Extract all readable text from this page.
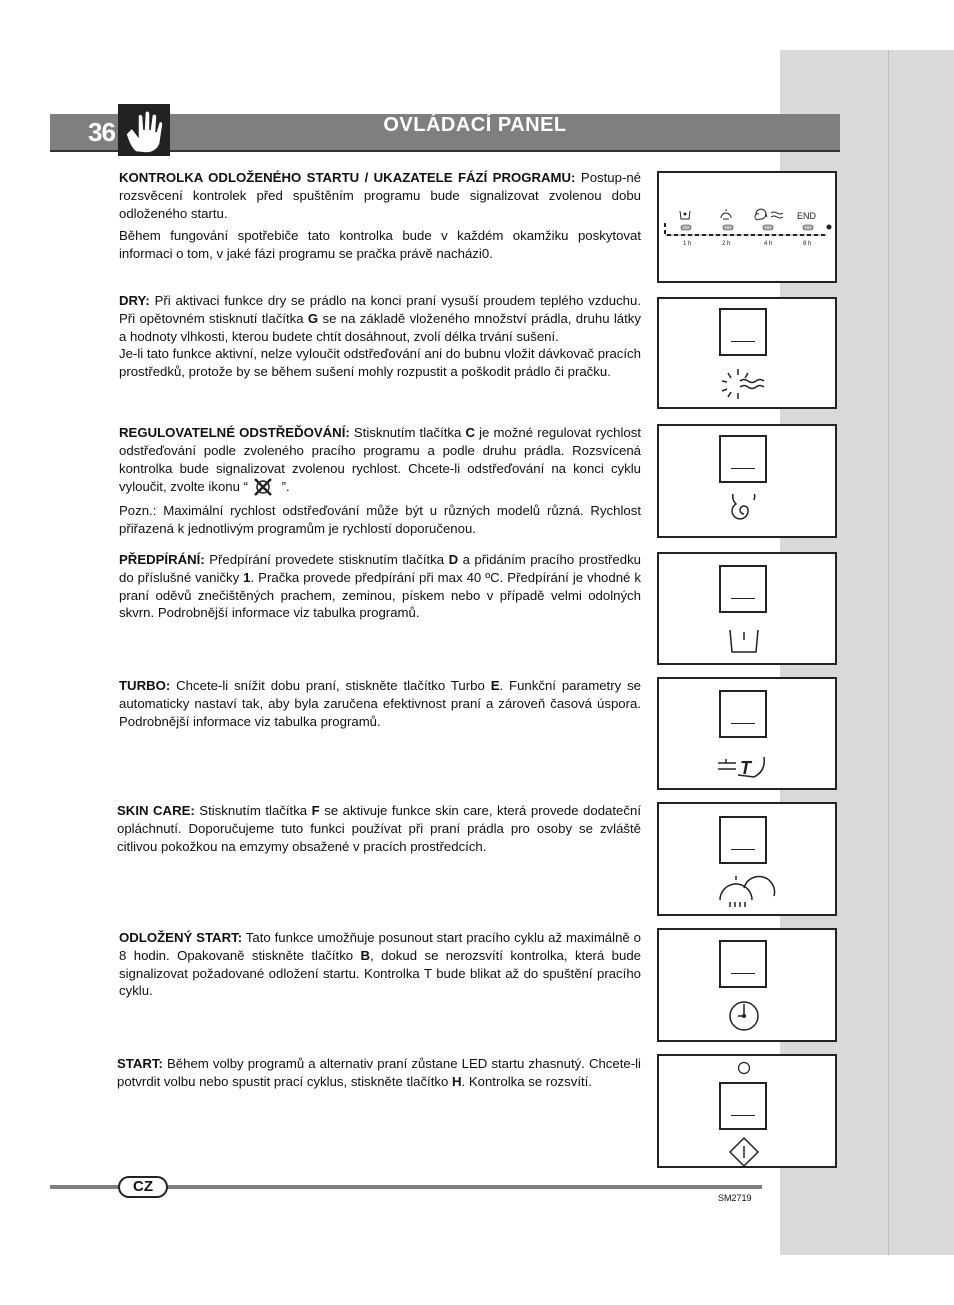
36	OVLÁDACÍ PANEL

KONTROLKA ODLOŽENÉHO STARTU / UKAZATELE FÁZÍ PROGRAMU: Postup-né rozsvěcení kontrolek před spuštěním programu bude signalizovat zvolenou dobu odloženého startu.

Během fungování spotřebiče tato kontrolka bude v každém okamžiku poskytovat informaci o tom, v jaké fázi programu se pračka právě nacházi0.

END
1 h	2 h	4 h	8 h

DRY: Při aktivaci funkce dry se prádlo na konci praní vysuší proudem teplého vzduchu. Při opětovném stisknutí tlačítka G se na základě vloženého množství prádla, druhu látky a hodnoty vlhkosti, kterou budete chtít dosáhnout, zvolí délka trvání sušení.

Je-li tato funkce aktivní, nelze vyloučit odstřeďování ani do bubnu vložit dávkovač pracích prostředků, protože by se během sušení mohly rozpustit a poškodit prádlo či pračku.

REGULOVATELNÉ ODSTŘEĎOVÁNÍ: Stisknutím tlačítka C je možné regulovat rychlost odstřeďování podle zvoleného pracího programu a podle druhu prádla. Rozsvícená kontrolka bude signalizovat zvolenou rychlost. Chcete-li odstřeďování na konci cyklu vyloučit, zvolte ikonu “ ”.

Pozn.: Maximální rychlost odstřeďování může být u různých modelů různá. Rychlost přiřazená k jednotlivým programům je rychlostí doporučenou.

PŘEDPÍRÁNÍ: Předpírání provedete stisknutím tlačítka D a přidáním pracího prostředku do příslušné vaničky 1. Pračka provede předpírání při max 40 ºC. Předpírání je vhodné k praní oděvů znečištěných prachem, zeminou, pískem nebo v případě velmi odolných skvrn. Podrobnější informace viz tabulka programů.

TURBO: Chcete-li snížit dobu praní, stiskněte tlačítko Turbo E. Funkční parametry se automaticky nastaví tak, aby byla zaručena efektivnost praní a zároveň časová úspora. Podrobnější informace viz tabulka programů.

T

SKIN CARE: Stisknutím tlačítka F se aktivuje funkce skin care, která provede dodateční opláchnutí. Doporučujeme tuto funkci používat při praní prádla pro osoby se zvláště citlivou pokožkou na emzymy obsažené v pracích prostředcích.

ODLOŽENÝ START: Tato funkce umožňuje posunout start pracího cyklu až maximálně o 8 hodin. Opakovaně stiskněte tlačítko B, dokud se nerozsvítí kontrolka, která bude signalizovat požadované odložení startu. Kontrolka T bude blikat až do spuštění pracího cyklu.

START: Během volby programů a alternativ praní zůstane LED startu zhasnutý. Chcete-li potvrdit volbu nebo spustit prací cyklus, stiskněte tlačítko H. Kontrolka se rozsvítí.

CZ
SM2719
